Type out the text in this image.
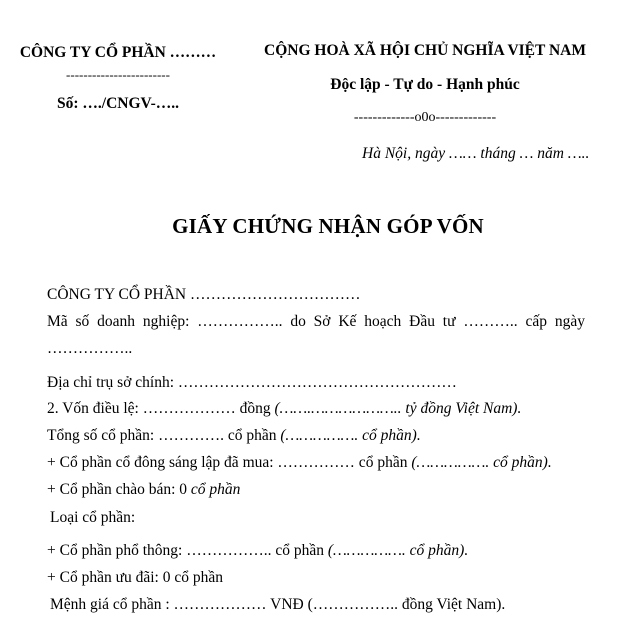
CÔNG TY CỔ PHẦN ………
------------------------
Số: …./CNGV-…..
CỘNG HOÀ XÃ HỘI CHỦ NGHĨA VIỆT NAM
Độc lập - Tự do - Hạnh phúc
-------------o0o-------------
Hà Nội, ngày …… tháng … năm …..
GIẤY CHỨNG NHẬN GÓP VỐN
CÔNG TY CỔ PHẦN ……………………………
Mã số doanh nghiệp: …………….. do Sở Kế hoạch Đầu tư ……….. cấp ngày
……………..
Địa chỉ trụ sở chính: ………………………………………………
2. Vốn điều lệ: ……………… đồng (…….……………….. tỷ đồng Việt Nam).
Tổng số cổ phần: …………. cổ phần (……………. cổ phần).
+ Cổ phần cổ đông sáng lập đã mua: …………… cổ phần (……………. cổ phần).
+ Cổ phần chào bán: 0 cổ phần
Loại cổ phần:
+ Cổ phần phổ thông: …………….. cổ phần (……………. cổ phần).
+ Cổ phần ưu đãi: 0 cổ phần
Mệnh giá cổ phần : ……………… VNĐ (…………….. đồng Việt Nam).
